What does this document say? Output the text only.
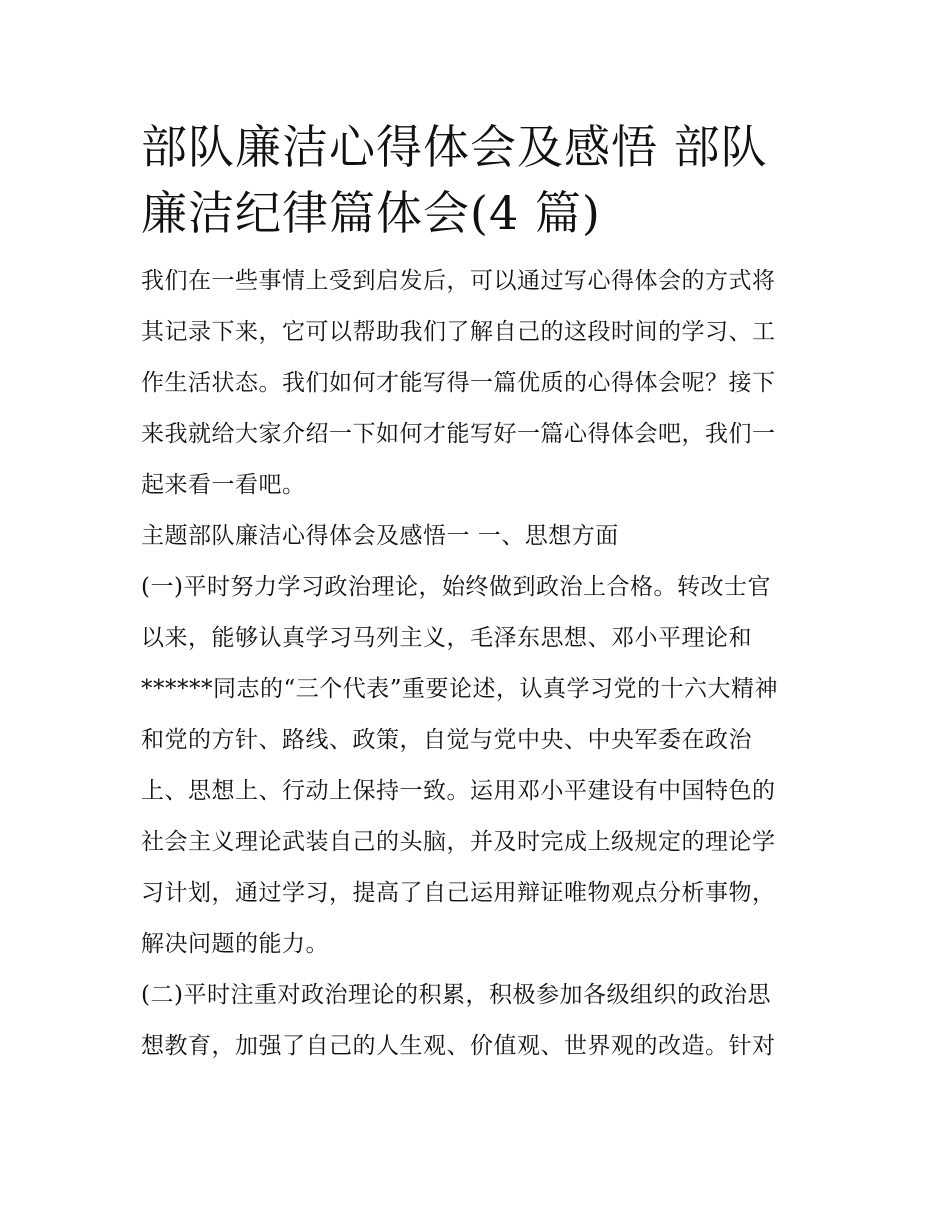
部队廉洁心得体会及感悟 部队
廉洁纪律篇体会(4 篇)

我们在一些事情上受到启发后，可以通过写心得体会的方式将
其记录下来，它可以帮助我们了解自己的这段时间的学习、工
作生活状态。我们如何才能写得一篇优质的心得体会呢？接下
来我就给大家介绍一下如何才能写好一篇心得体会吧，我们一
起来看一看吧。

主题部队廉洁心得体会及感悟一 一、思想方面

(一)平时努力学习政治理论，始终做到政治上合格。转改士官
以来，能够认真学习马列主义，毛泽东思想、邓小平理论和
******同志的“三个代表”重要论述，认真学习党的十六大精神
和党的方针、路线、政策，自觉与党中央、中央军委在政治
上、思想上、行动上保持一致。运用邓小平建设有中国特色的
社会主义理论武装自己的头脑，并及时完成上级规定的理论学
习计划，通过学习，提高了自己运用辩证唯物观点分析事物，
解决问题的能力。

(二)平时注重对政治理论的积累，积极参加各级组织的政治思
想教育，加强了自己的人生观、价值观、世界观的改造。针对
